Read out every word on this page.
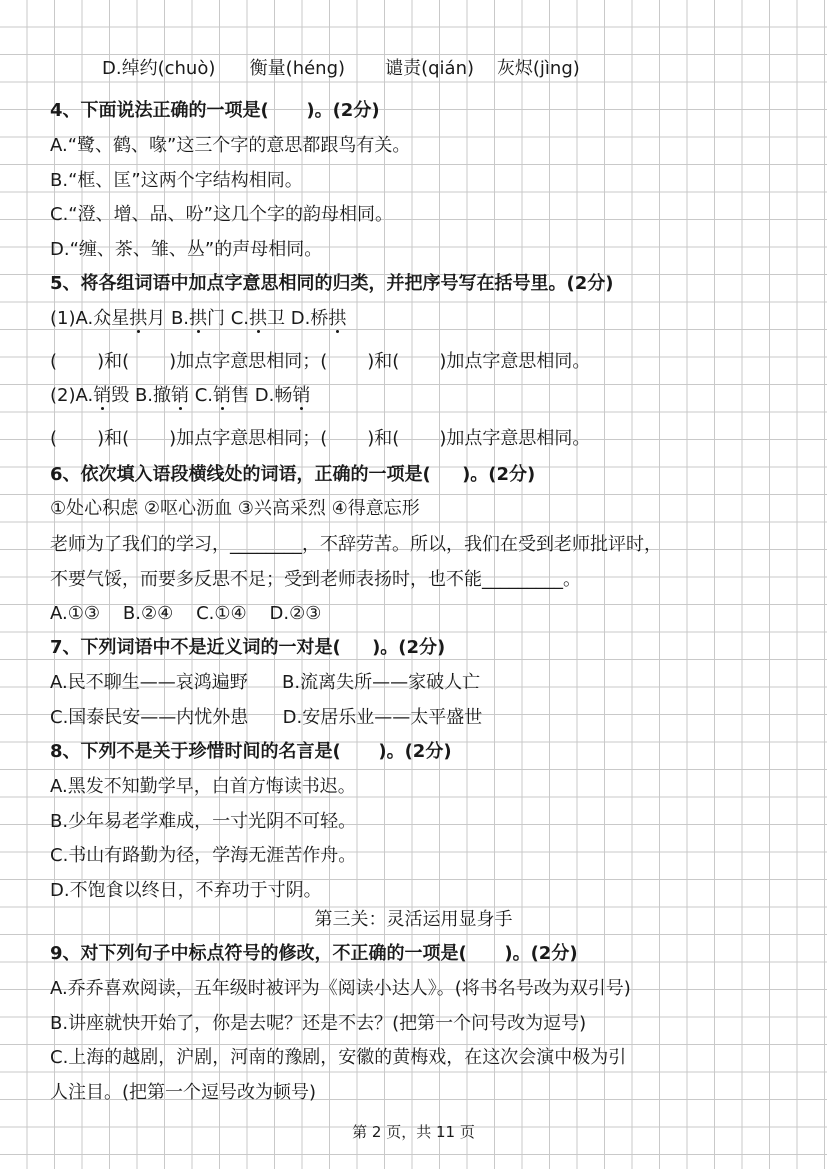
D.绰约(chuò)      衡量(héng)       谴责(qián)    灰烬(jìng)
4、下面说法正确的一项是(      )。(2分)
A.“鹭、鹤、喙”这三个字的意思都跟鸟有关。
B.“框、匡”这两个字结构相同。
C.“澄、增、品、吩”这几个字的韵母相同。
D.“缠、茶、雏、丛”的声母相同。
5、将各组词语中加点字意思相同的归类，并把序号写在括号里。(2分)
(1)A.众星拱月 B.拱门 C.拱卫 D.桥拱
(       )和(       )加点字意思相同；(       )和(       )加点字意思相同。
(2)A.销毁 B.撤销 C.销售 D.畅销
(       )和(       )加点字意思相同；(       )和(       )加点字意思相同。
6、依次填入语段横线处的词语，正确的一项是(     )。(2分)
①处心积虑 ②呕心沥血 ③兴高采烈 ④得意忘形
老师为了我们的学习，________，不辞劳苦。所以，我们在受到老师批评时，
不要气馁，而要多反思不足；受到老师表扬时，也不能_________。
A.①③    B.②④    C.①④    D.②③
7、下列词语中不是近义词的一对是(     )。(2分)
A.民不聊生——哀鸿遍野      B.流离失所——家破人亡
C.国泰民安——内忧外患      D.安居乐业——太平盛世
8、下列不是关于珍惜时间的名言是(      )。(2分)
A.黑发不知勤学早，白首方悔读书迟。
B.少年易老学难成，一寸光阴不可轻。
C.书山有路勤为径，学海无涯苦作舟。
D.不饱食以终日，不弃功于寸阴。
第三关：灵活运用显身手
9、对下列句子中标点符号的修改，不正确的一项是(      )。(2分)
A.乔乔喜欢阅读，五年级时被评为《阅读小达人》。(将书名号改为双引号)
B.讲座就快开始了，你是去呢？还是不去？(把第一个问号改为逗号)
C.上海的越剧，沪剧，河南的豫剧，安徽的黄梅戏，在这次会演中极为引
人注目。(把第一个逗号改为顿号)
第 2 页，共 11 页
